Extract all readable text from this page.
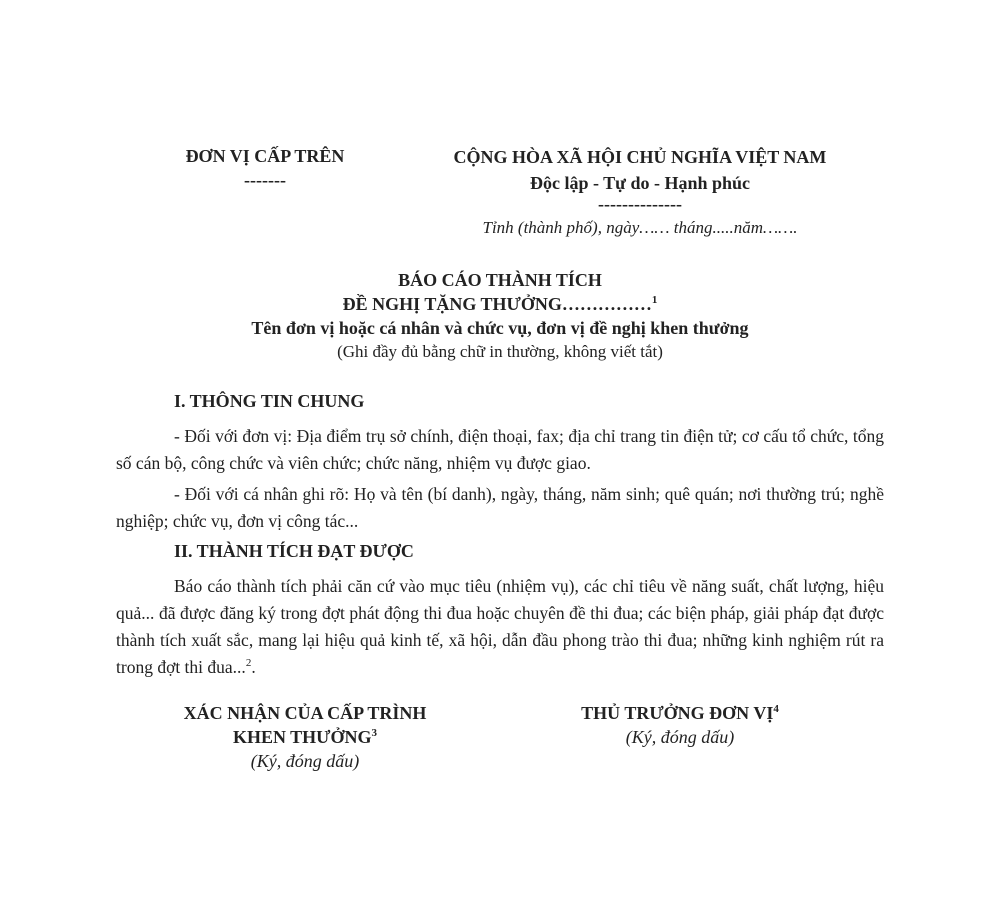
ĐƠN VỊ CẤP TRÊN
-------
CỘNG HÒA XÃ HỘI CHỦ NGHĨA VIỆT NAM
Độc lập - Tự do - Hạnh phúc
--------------
Tỉnh (thành phố), ngày…… tháng.....năm…….
BÁO CÁO THÀNH TÍCH
ĐỀ NGHỊ TẶNG THƯỞNG……………$^1$
Tên đơn vị hoặc cá nhân và chức vụ, đơn vị đề nghị khen thưởng
(Ghi đầy đủ bằng chữ in thường, không viết tắt)
I. THÔNG TIN CHUNG
- Đối với đơn vị: Địa điểm trụ sở chính, điện thoại, fax; địa chỉ trang tin điện tử; cơ cấu tổ chức, tổng số cán bộ, công chức và viên chức; chức năng, nhiệm vụ được giao.
- Đối với cá nhân ghi rõ: Họ và tên (bí danh), ngày, tháng, năm sinh; quê quán; nơi thường trú; nghề nghiệp; chức vụ, đơn vị công tác...
II. THÀNH TÍCH ĐẠT ĐƯỢC
Báo cáo thành tích phải căn cứ vào mục tiêu (nhiệm vụ), các chỉ tiêu về năng suất, chất lượng, hiệu quả... đã được đăng ký trong đợt phát động thi đua hoặc chuyên đề thi đua; các biện pháp, giải pháp đạt được thành tích xuất sắc, mang lại hiệu quả kinh tế, xã hội, dẫn đầu phong trào thi đua; những kinh nghiệm rút ra trong đợt thi đua...$^2$.
XÁC NHẬN CỦA CẤP TRÌNH
KHEN THƯỞNG$^3$
(Ký, đóng dấu)
THỦ TRƯỞNG ĐƠN VỊ$^4$
(Ký, đóng dấu)
